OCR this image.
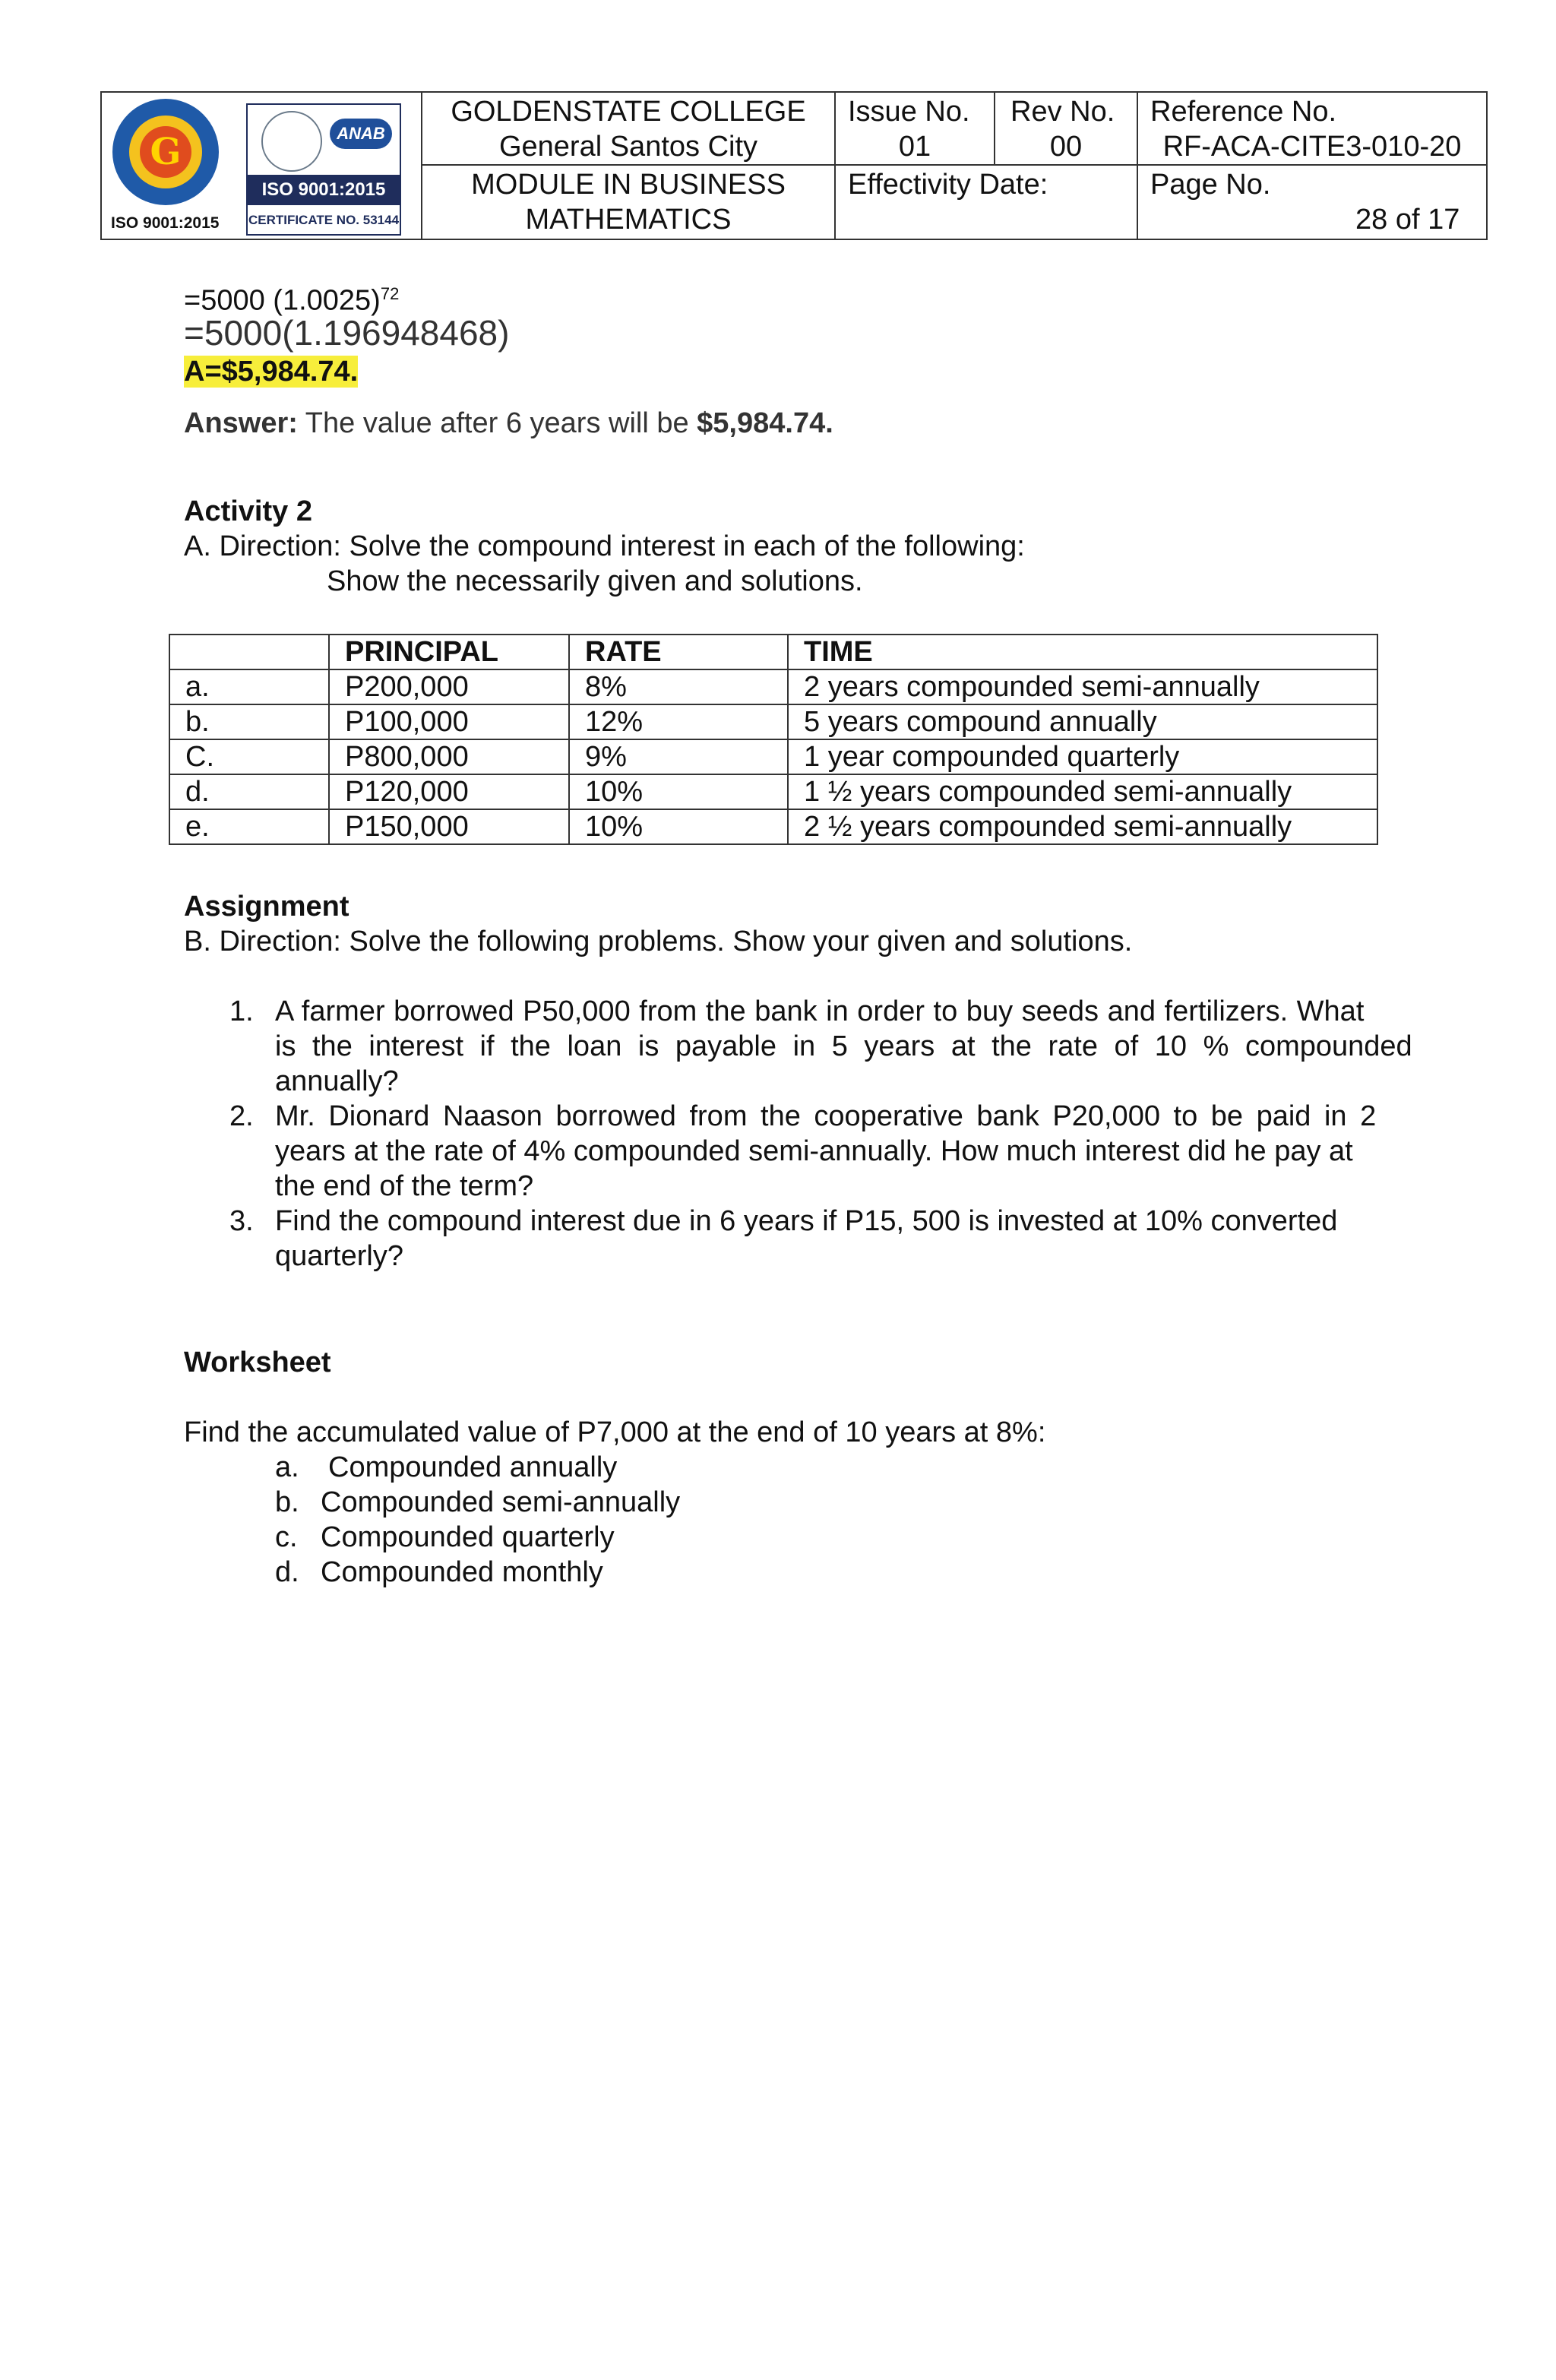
G
ISO 9001:2015
ANAB
ISO 9001:2015
CERTIFICATE NO. 53144
GOLDENSTATE COLLEGE
General Santos City
MODULE IN BUSINESS
MATHEMATICS
Issue No.
01
Rev No.
00
Effectivity Date:
Reference No.
RF-ACA-CITE3-010-20
Page No.
28 of 17
=5000 $(1.0025)^{72}$
=5000(1.196948468)
A=$5,984.74.
Answer: The value after 6 years will be $5,984.74.
Activity 2
A. Direction: Solve the compound interest in each of the following:
Show the necessarily given and solutions.
	PRINCIPAL	RATE	TIME
a.	P200,000	8%	2 years compounded semi-annually
b.	P100,000	12%	5 years compound annually
C.	P800,000	9%	1 year compounded quarterly
d.	P120,000	10%	1 ½ years compounded semi-annually
e.	P150,000	10%	2 ½ years compounded semi-annually
Assignment
B. Direction: Solve the following problems. Show your given and solutions.
1. A farmer borrowed P50,000 from the bank in order to buy seeds and fertilizers. What
is the interest if the loan is payable in 5 years at the rate of 10 % compounded
annually?
2. Mr. Dionard Naason borrowed from the cooperative bank P20,000 to be paid in 2
years at the rate of 4% compounded semi-annually. How much interest did he pay at
the end of the term?
3. Find the compound interest due in 6 years if P15, 500 is invested at 10% converted
quarterly?
Worksheet
Find the accumulated value of P7,000 at the end of 10 years at 8%:
a. Compounded annually
b. Compounded semi-annually
c. Compounded quarterly
d. Compounded monthly
